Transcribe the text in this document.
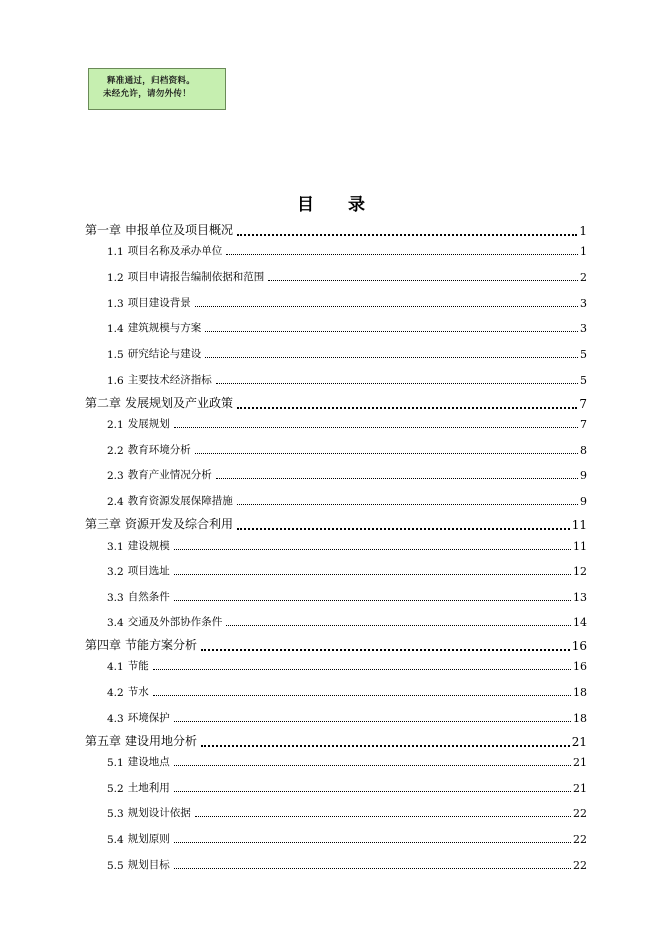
释准通过，归档资料。
未经允许，请勿外传！
目 录
第一章 申报单位及项目概况	1
1.1 项目名称及承办单位	1
1.2 项目申请报告编制依据和范围	2
1.3 项目建设背景	3
1.4 建筑规模与方案	3
1.5 研究结论与建设	5
1.6 主要技术经济指标	5
第二章 发展规划及产业政策	7
2.1 发展规划	7
2.2 教育环境分析	8
2.3 教育产业情况分析	9
2.4 教育资源发展保障措施	9
第三章 资源开发及综合利用	11
3.1 建设规模	11
3.2 项目选址	12
3.3 自然条件	13
3.4 交通及外部协作条件	14
第四章 节能方案分析	16
4.1 节能	16
4.2 节水	18
4.3 环境保护	18
第五章 建设用地分析	21
5.1 建设地点	21
5.2 土地利用	21
5.3 规划设计依据	22
5.4 规划原则	22
5.5 规划目标	22
